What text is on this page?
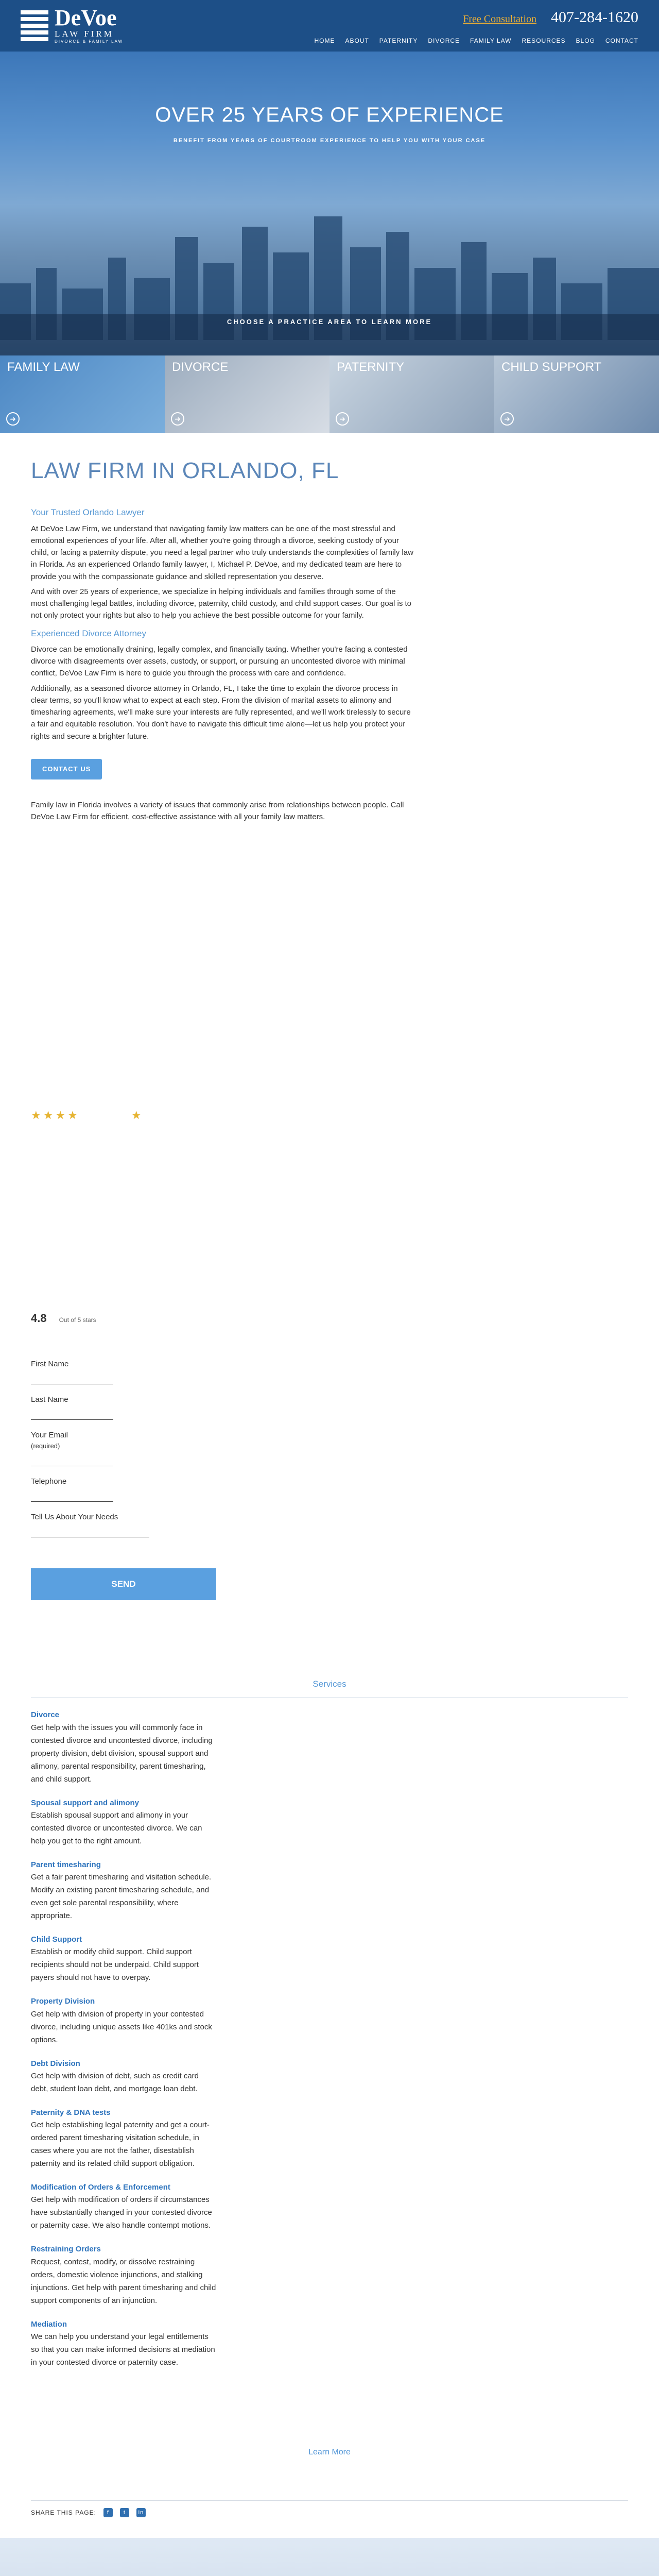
DeVoe
LAW FIRM
DIVORCE & FAMILY LAW
Free Consultation 407-284-1620
HOME ABOUT PATERNITY DIVORCE FAMILY LAW RESOURCES BLOG CONTACT
OVER 25 YEARS OF EXPERIENCE
BENEFIT FROM YEARS OF COURTROOM EXPERIENCE TO HELP YOU WITH YOUR CASE
CHOOSE A PRACTICE AREA TO LEARN MORE
FAMILY LAW
➜
DIVORCE
➜
PATERNITY
➜
CHILD SUPPORT
➜
LAW FIRM IN ORLANDO, FL
Your Trusted Orlando Lawyer

At DeVoe Law Firm, we understand that navigating family law matters can be one of the most stressful and emotional experiences of your life. After all, whether you're going through a divorce, seeking custody of your child, or facing a paternity dispute, you need a legal partner who truly understands the complexities of family law in Florida. As an experienced Orlando family lawyer, I, Michael P. DeVoe, and my dedicated team are here to provide you with the compassionate guidance and skilled representation you deserve.

And with over 25 years of experience, we specialize in helping individuals and families through some of the most challenging legal battles, including divorce, paternity, child custody, and child support cases. Our goal is to not only protect your rights but also to help you achieve the best possible outcome for your family.

Experienced Divorce Attorney

Divorce can be emotionally draining, legally complex, and financially taxing. Whether you're facing a contested divorce with disagreements over assets, custody, or support, or pursuing an uncontested divorce with minimal conflict, DeVoe Law Firm is here to guide you through the process with care and confidence.

Additionally, as a seasoned divorce attorney in Orlando, FL, I take the time to explain the divorce process in clear terms, so you'll know what to expect at each step. From the division of marital assets to alimony and timesharing agreements, we'll make sure your interests are fully represented, and we'll work tirelessly to secure a fair and equitable resolution. You don't have to navigate this difficult time alone—let us help you protect your rights and secure a brighter future.

CONTACT US

Family law in Florida involves a variety of issues that commonly arise from relationships between people. Call DeVoe Law Firm for efficient, cost-effective assistance with all your family law matters.

★★★★	★
4.8 Out of 5 stars
First Name
Last Name
Your Email
(required)
Telephone
Tell Us About Your Needs
SEND
Services
Divorce
Get help with the issues you will commonly face in contested divorce and uncontested divorce, including property division, debt division, spousal support and alimony, parental responsibility, parent timesharing, and child support.
Spousal support and alimony
Establish spousal support and alimony in your contested divorce or uncontested divorce. We can help you get to the right amount.
Parent timesharing
Get a fair parent timesharing and visitation schedule. Modify an existing parent timesharing schedule, and even get sole parental responsibility, where appropriate.
Child Support
Establish or modify child support. Child support recipients should not be underpaid. Child support payers should not have to overpay.
Property Division
Get help with division of property in your contested divorce, including unique assets like 401ks and stock options.
Debt Division
Get help with division of debt, such as credit card debt, student loan debt, and mortgage loan debt.
Paternity & DNA tests
Get help establishing legal paternity and get a court-ordered parent timesharing visitation schedule, in cases where you are not the father, disestablish paternity and its related child support obligation.
Modification of Orders & Enforcement
Get help with modification of orders if circumstances have substantially changed in your contested divorce or paternity case. We also handle contempt motions.
Restraining Orders
Request, contest, modify, or dissolve restraining orders, domestic violence injunctions, and stalking injunctions. Get help with parent timesharing and child support components of an injunction.
Mediation
We can help you understand your legal entitlements so that you can make informed decisions at mediation in your contested divorce or paternity case.
Learn More
SHARE THIS PAGE:	f	t	in
